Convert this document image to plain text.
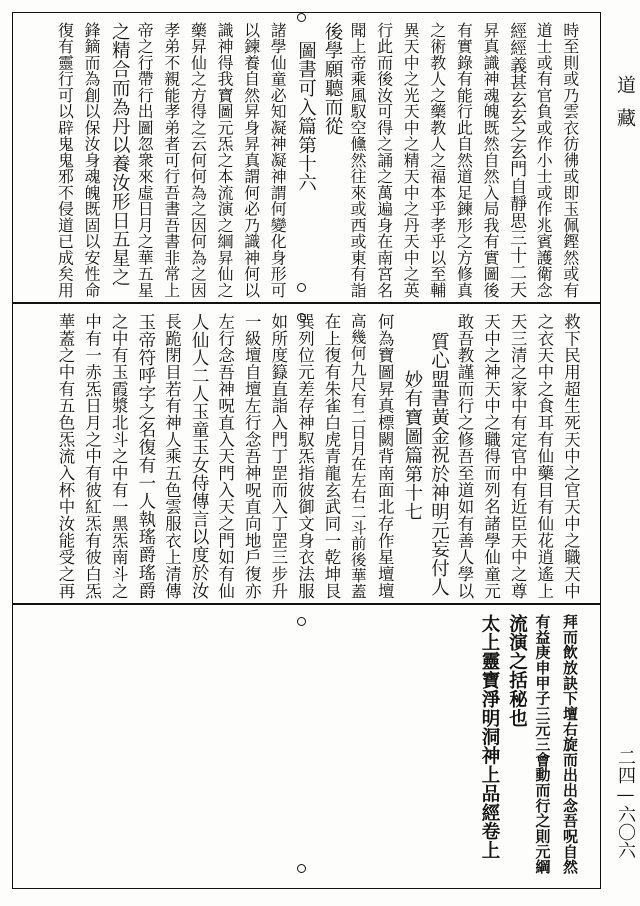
道藏
二四—六〇六
時至則或乃雲衣彷彿或即玉佩鏗然或有
道士或有官負或作小士或作兆賓護衛念
經經義甚玄玄之玄門自靜思三十二天
昇真識神魂魄既然自然入局我有實圖後
有實錄有能行此自然道足鍊形之方修真
之術教人之藥教人之福本乎孝乎以至輔
異天中之光天中之精天中之丹天中之英
行此而後汝可得之誦之萬遍身在南宮名
聞上帝乘風馭空儵然往來或西或東有詣
後學願聽而從
圖書可入篇第十六
諸學仙童必知凝神凝神謂何變化身形可
以鍊養自然昇身昇真謂何必乃識神何以
識神得我寶圖元炁之本流演之綱昇仙之
藥昇仙之方得之云何何為之因何為之因
孝弟不親能孝弟者可行吾書吾書非常上
帝之行帶行出圖忽衆來虛日月之華五星
之精合而為丹以養汝形日五星之
鋒鏑而為創以保汝身魂魄既固以安性命
復有靈行可以辟鬼鬼邪不侵道已成矣用
救下民用超生死天中之官天中之職天中
之衣天中之食耳有仙藥目有仙花逍遙上
天三清之家中有定官中有近臣天中之尊
天中之神天中之職得而列名諸學仙童元
敢吾教謹而行之修吾至道如有善人學以
質心盟書黃金祝於神明元妄付人
妙有寶圖篇第十七
何為寶圖昇真標闕背南面北存作星壇壇
高幾何九尺有二日月在左右二斗前後華蓋
在上復有朱雀白虎青龍玄武同一乾坤艮
巽列位元差存神馭炁指彼御文身衣法服
如所度籙直詣入門丁罡而入丁罡三步升
一級壇自壇左行念吾神呪直向地戶復亦
左行念吾神呪直入天門入天之門如有仙
人仙人二人玉童玉女侍傳言以度於汝
長跪閉目若有神人乘五色雲服衣上清傳
玉帝符呼字之名復有一人執瑤爵瑤爵
之中有玉霞漿北斗之中有一黑炁南斗之
中有一赤炁日月之中有彼紅炁有彼白炁
華蓋之中有五色炁流入杯中汝能受之再
拜而飲放訣下壇右旋而出出念吾呪自然
有益庚申甲子三元三會動而行之則元綱
流演之括秘也
太上靈寶淨明洞神上品經卷上
